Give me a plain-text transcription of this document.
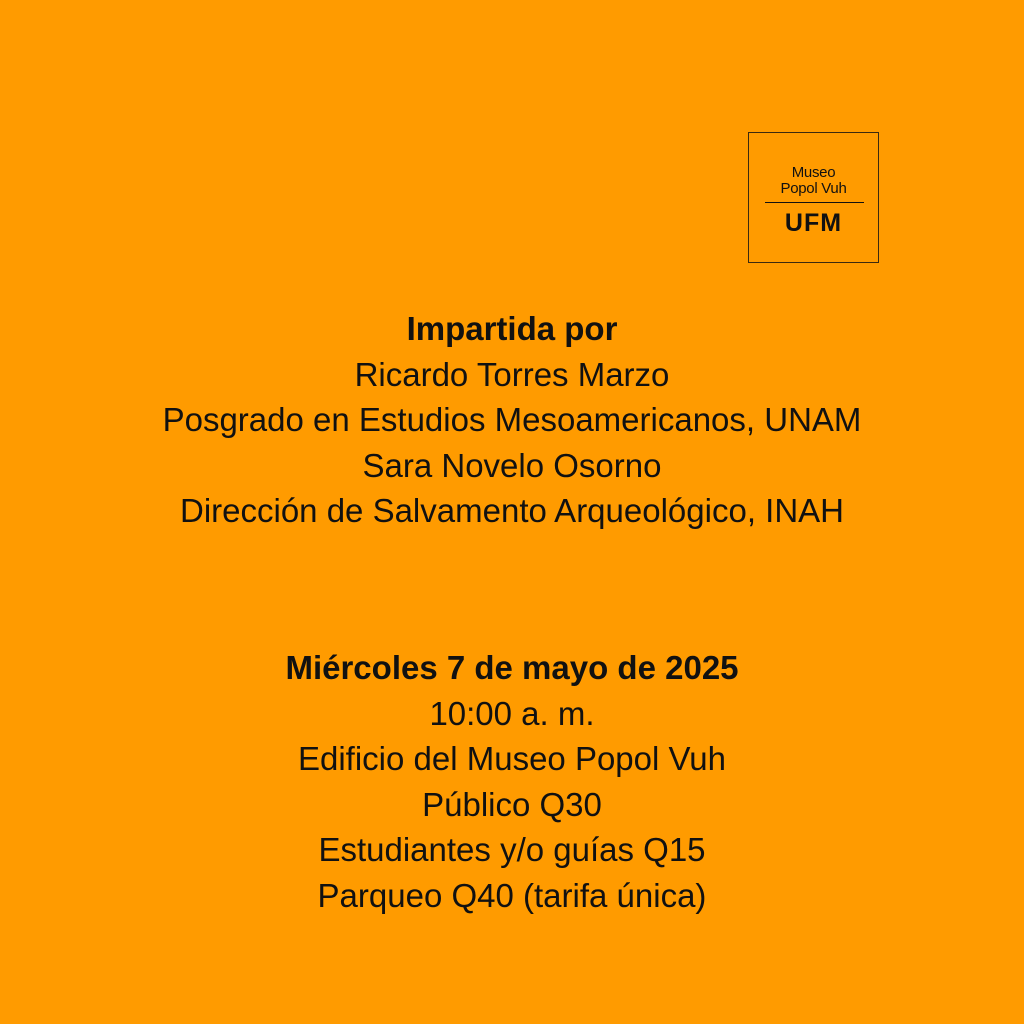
Museo
Popol Vuh
UFM
Impartida por
Ricardo Torres Marzo
Posgrado en Estudios Mesoamericanos, UNAM
Sara Novelo Osorno
Dirección de Salvamento Arqueológico, INAH
Miércoles 7 de mayo de 2025
10:00 a. m.
Edificio del Museo Popol Vuh
Público Q30
Estudiantes y/o guías Q15
Parqueo Q40 (tarifa única)
